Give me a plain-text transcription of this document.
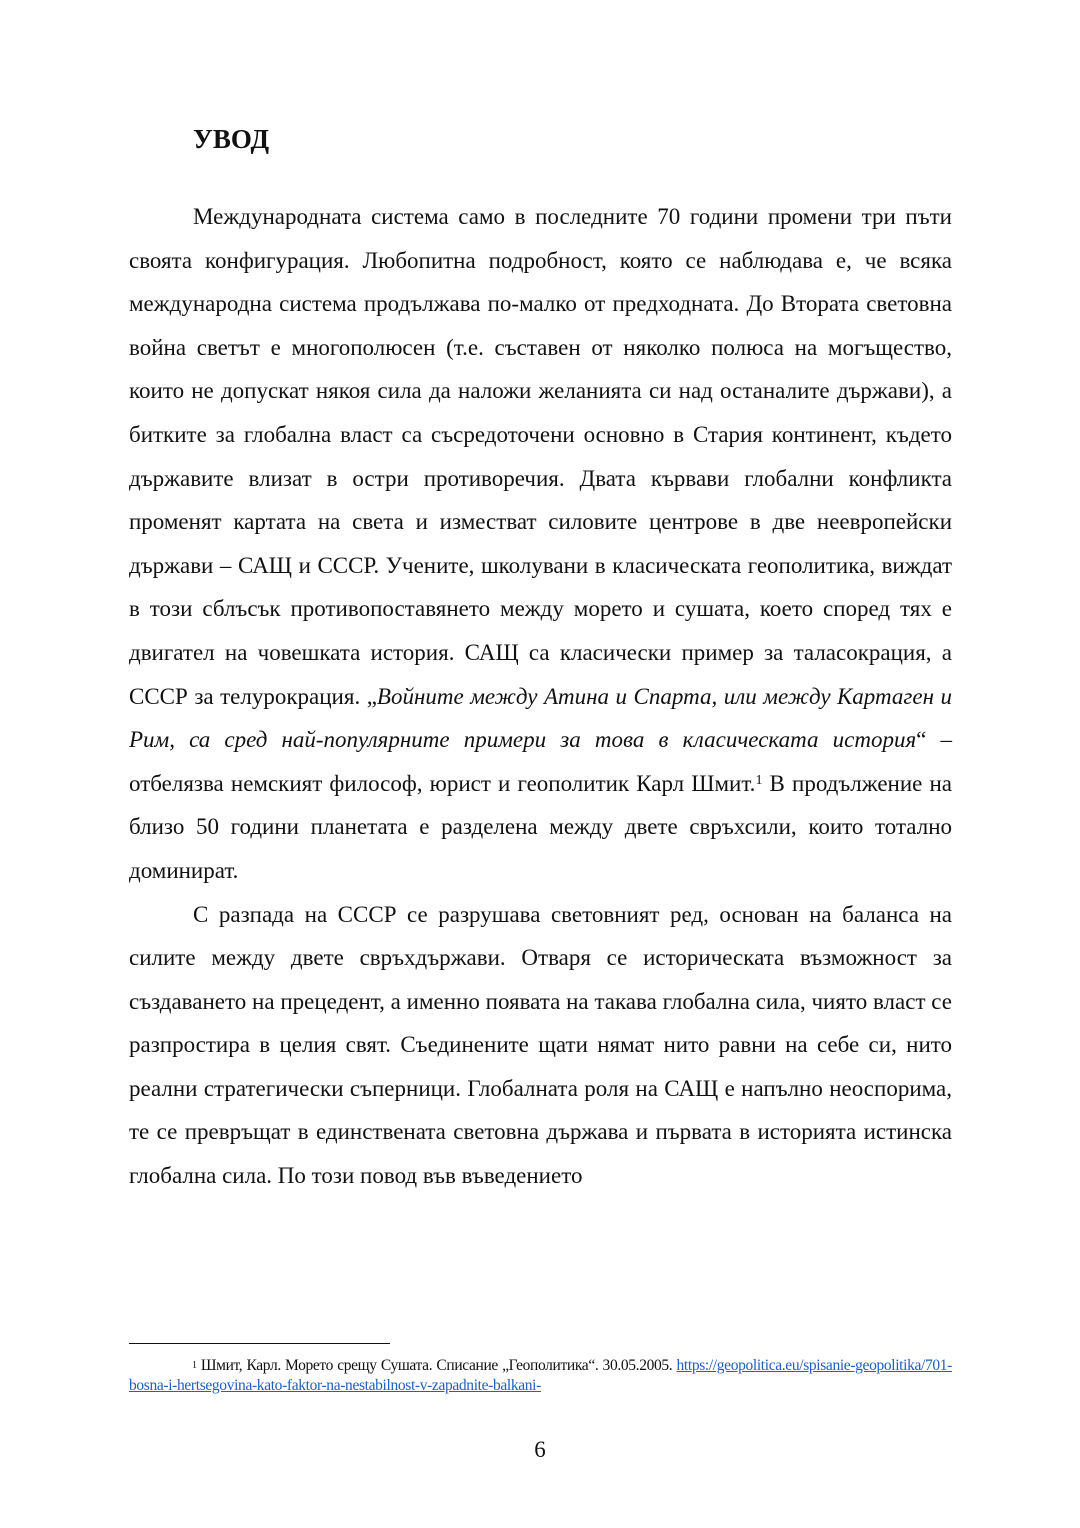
УВОД

Международната система само в последните 70 години промени три пъти своята конфигурация. Любопитна подробност, която се наблюдава е, че всяка международна система продължава по-малко от предходната. До Втората световна война светът е многополюсен (т.е. съставен от няколко полюса на могъщество, които не допускат някоя сила да наложи желанията си над останалите държави), а битките за глобална власт са съсредоточени основно в Стария континент, където държавите влизат в остри противоречия. Двата кървави глобални конфликта променят картата на света и изместват силовите центрове в две неевропейски държави – САЩ и СССР. Учените, школувани в класическата геополитика, виждат в този сблъсък противопоставянето между морето и сушата, което според тях е двигател на човешката история. САЩ са класически пример за таласокрация, а СССР за телурокрация. „Войните между Атина и Спарта, или между Картаген и Рим, са сред най-популярните примери за това в класическата история“ – отбелязва немският философ, юрист и геополитик Карл Шмит.$^1$ В продължение на близо 50 години планетата е разделена между двете свръхсили, които тотално доминират.

С разпада на СССР се разрушава световният ред, основан на баланса на силите между двете свръхдържави. Отваря се историческата възможност за създаването на прецедент, а именно появата на такава глобална сила, чиято власт се разпростира в целия свят. Съединените щати нямат нито равни на себе си, нито реални стратегически съперници. Глобалната роля на САЩ е напълно неоспорима, те се превръщат в единствената световна държава и първата в историята истинска глобална сила. По този повод във въведението

$^1$ Шмит, Карл. Морето срещу Сушата. Списание „Геополитика“. 30.05.2005. https://geopolitica.eu/spisanie-geopolitika/701-bosna-i-hertsegovina-kato-faktor-na-nestabilnost-v-zapadnite-balkani-

6
